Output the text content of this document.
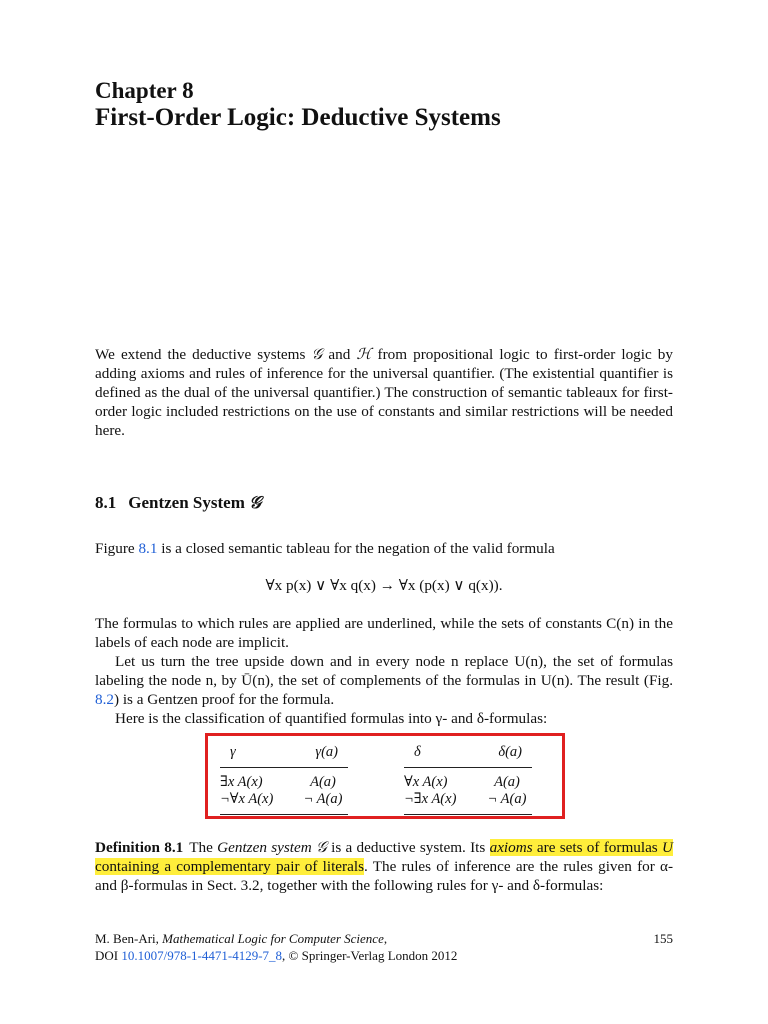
Chapter 8
First-Order Logic: Deductive Systems

We extend the deductive systems 𝒢 and ℋ from propositional logic to first-order logic by adding axioms and rules of inference for the universal quantifier. (The existential quantifier is defined as the dual of the universal quantifier.) The construction of semantic tableaux for first-order logic included restrictions on the use of constants and similar restrictions will be needed here.

8.1 Gentzen System 𝒢

Figure 8.1 is a closed semantic tableau for the negation of the valid formula

∀x p(x) ∨ ∀x q(x) → ∀x (p(x) ∨ q(x)).

The formulas to which rules are applied are underlined, while the sets of constants C(n) in the labels of each node are implicit.

Let us turn the tree upside down and in every node n replace U(n), the set of formulas labeling the node n, by Ū(n), the set of complements of the formulas in U(n). The result (Fig. 8.2) is a Gentzen proof for the formula.

Here is the classification of quantified formulas into γ- and δ-formulas:

γ	γ(a)
∃x A(x)	A(a)
¬∀x A(x)	¬ A(a)
δ	δ(a)
∀x A(x)	A(a)
¬∃x A(x)	¬ A(a)

Definition 8.1 The Gentzen system 𝒢 is a deductive system. Its axioms are sets of formulas U containing a complementary pair of literals. The rules of inference are the rules given for α- and β-formulas in Sect. 3.2, together with the following rules for γ- and δ-formulas:

M. Ben-Ari, Mathematical Logic for Computer Science,	155
DOI 10.1007/978-1-4471-4129-7_8, © Springer-Verlag London 2012
